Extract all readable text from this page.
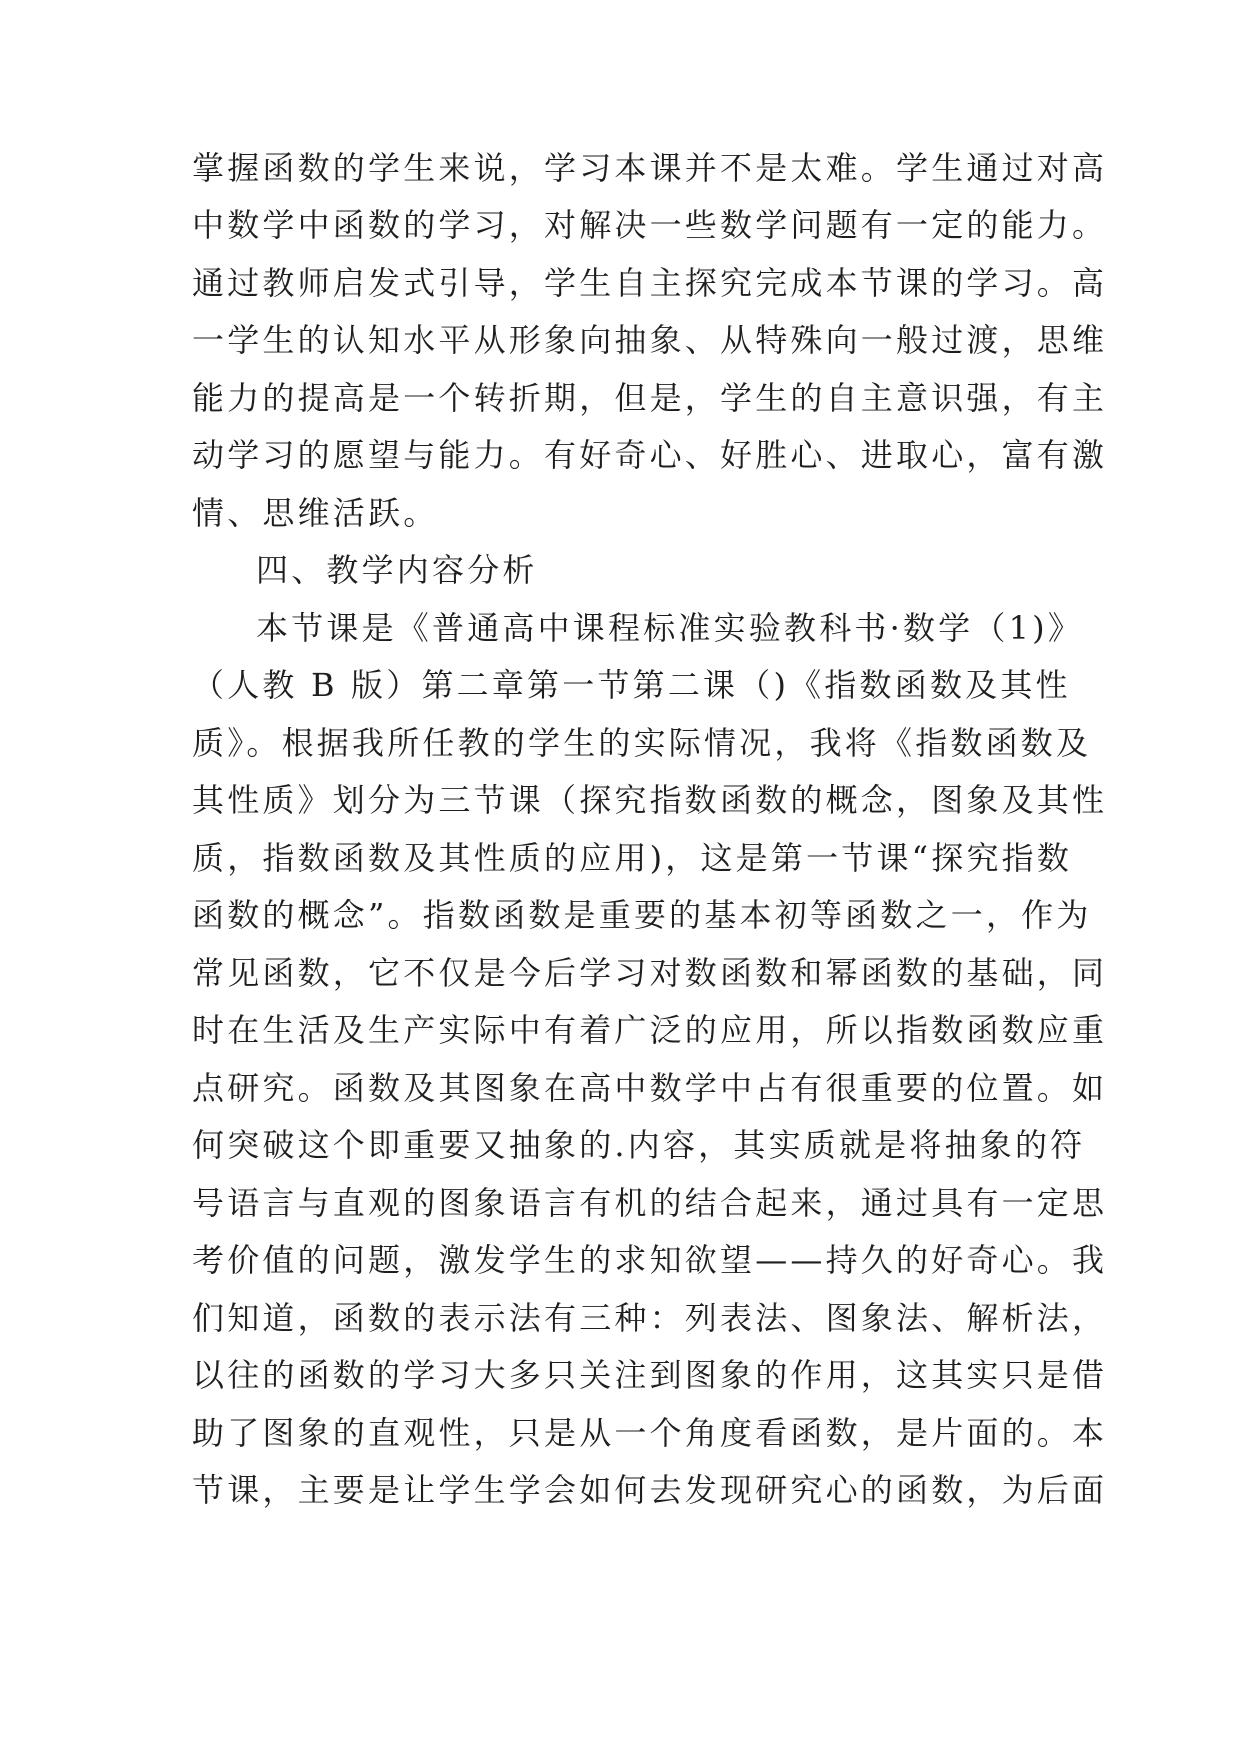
掌握函数的学生来说，学习本课并不是太难。学生通过对高
中数学中函数的学习，对解决一些数学问题有一定的能力。
通过教师启发式引导，学生自主探究完成本节课的学习。高
一学生的认知水平从形象向抽象、从特殊向一般过渡，思维
能力的提高是一个转折期，但是，学生的自主意识强，有主
动学习的愿望与能力。有好奇心、好胜心、进取心，富有激
情、思维活跃。
四、教学内容分析
本节课是《普通高中课程标准实验教科书·数学（1)》
（人教 B 版）第二章第一节第二课（)《指数函数及其性
质》。根据我所任教的学生的实际情况，我将《指数函数及
其性质》划分为三节课（探究指数函数的概念，图象及其性
质，指数函数及其性质的应用)，这是第一节课“探究指数
函数的概念”。指数函数是重要的基本初等函数之一，作为
常见函数，它不仅是今后学习对数函数和幂函数的基础，同
时在生活及生产实际中有着广泛的应用，所以指数函数应重
点研究。函数及其图象在高中数学中占有很重要的位置。如
何突破这个即重要又抽象的.内容，其实质就是将抽象的符
号语言与直观的图象语言有机的结合起来，通过具有一定思
考价值的问题，激发学生的求知欲望——持久的好奇心。我
们知道，函数的表示法有三种：列表法、图象法、解析法，
以往的函数的学习大多只关注到图象的作用，这其实只是借
助了图象的直观性，只是从一个角度看函数，是片面的。本
节课，主要是让学生学会如何去发现研究心的函数，为后面
